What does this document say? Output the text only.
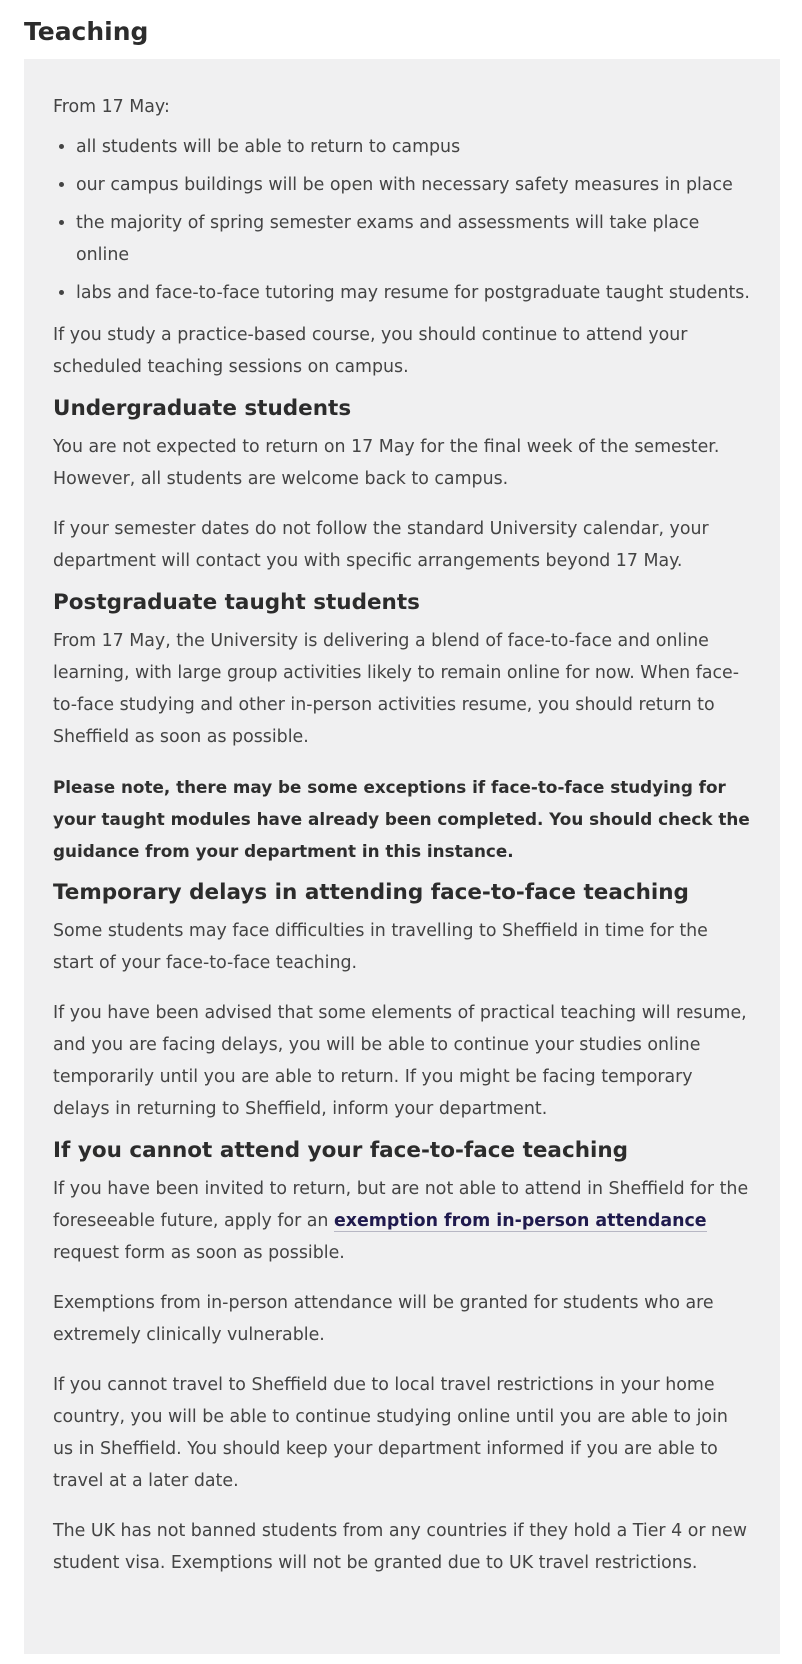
Teaching

From 17 May:

• all students will be able to return to campus
• our campus buildings will be open with necessary safety measures in place
• the majority of spring semester exams and assessments will take place online
• labs and face-to-face tutoring may resume for postgraduate taught students.

If you study a practice-based course, you should continue to attend your scheduled teaching sessions on campus.

Undergraduate students

You are not expected to return on 17 May for the final week of the semester. However, all students are welcome back to campus.

If your semester dates do not follow the standard University calendar, your department will contact you with specific arrangements beyond 17 May.

Postgraduate taught students

From 17 May, the University is delivering a blend of face-to-face and online learning, with large group activities likely to remain online for now. When face-to-face studying and other in-person activities resume, you should return to Sheffield as soon as possible.

Please note, there may be some exceptions if face-to-face studying for your taught modules have already been completed. You should check the guidance from your department in this instance.

Temporary delays in attending face-to-face teaching

Some students may face difficulties in travelling to Sheffield in time for the start of your face-to-face teaching.

If you have been advised that some elements of practical teaching will resume, and you are facing delays, you will be able to continue your studies online temporarily until you are able to return. If you might be facing temporary delays in returning to Sheffield, inform your department.

If you cannot attend your face-to-face teaching

If you have been invited to return, but are not able to attend in Sheffield for the foreseeable future, apply for an exemption from in-person attendance request form as soon as possible.

Exemptions from in-person attendance will be granted for students who are extremely clinically vulnerable.

If you cannot travel to Sheffield due to local travel restrictions in your home country, you will be able to continue studying online until you are able to join us in Sheffield. You should keep your department informed if you are able to travel at a later date.

The UK has not banned students from any countries if they hold a Tier 4 or new student visa. Exemptions will not be granted due to UK travel restrictions.
